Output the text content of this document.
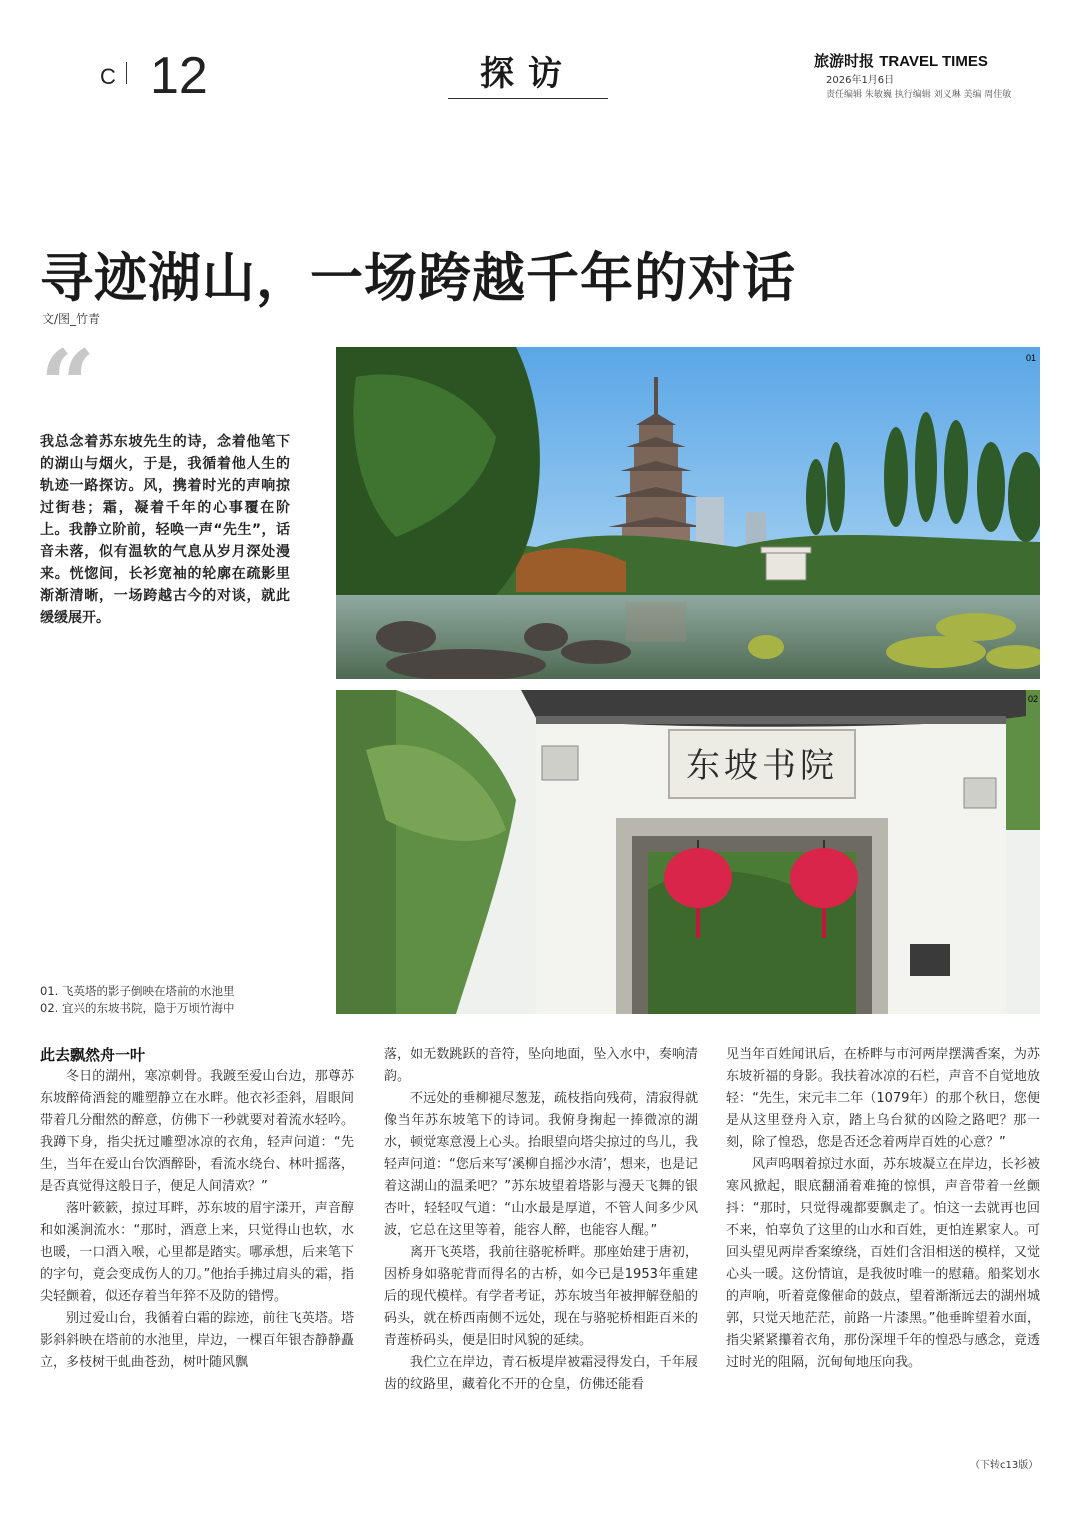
C 12	探访	旅游时报 TRAVEL TIMES
2026年1月6日
责任编辑 朱敏巍 执行编辑 刘义琳 美编 周佳敏
寻迹湖山，一场跨越千年的对话
文/图_竹青
“
我总念着苏东坡先生的诗，念着他笔下的湖山与烟火，于是，我循着他人生的轨迹一路探访。风，携着时光的声响掠过街巷；霜，凝着千年的心事覆在阶上。我静立阶前，轻唤一声“先生”，话音未落，似有温软的气息从岁月深处漫来。恍惚间，长衫宽袖的轮廓在疏影里渐渐清晰，一场跨越古今的对谈，就此缓缓展开。
01
东坡书院
02
01. 飞英塔的影子倒映在塔前的水池里
02. 宜兴的东坡书院，隐于万顷竹海中

此去飘然舟一叶

冬日的湖州，寒凉刺骨。我踱至爱山台边，那尊苏东坡醉倚酒瓮的雕塑静立在水畔。他衣衫歪斜，眉眼间带着几分酣然的醉意，仿佛下一秒就要对着流水轻吟。我蹲下身，指尖抚过雕塑冰凉的衣角，轻声问道：“先生，当年在爱山台饮酒醉卧，看流水绕台、林叶摇落，是否真觉得这般日子，便足人间清欢？”

落叶簌簌，掠过耳畔，苏东坡的眉宇漾开，声音醇和如溪涧流水：“那时，酒意上来，只觉得山也软，水也暖，一口酒入喉，心里都是踏实。哪承想，后来笔下的字句，竟会变成伤人的刀。”他抬手拂过肩头的霜，指尖轻颤着，似还存着当年猝不及防的错愕。

别过爱山台，我循着白霜的踪迹，前往飞英塔。塔影斜斜映在塔前的水池里，岸边，一棵百年银杏静静矗立，多枝树干虬曲苍劲，树叶随风飘

落，如无数跳跃的音符，坠向地面，坠入水中，奏响清韵。

不远处的垂柳褪尽葱茏，疏枝指向残荷，清寂得就像当年苏东坡笔下的诗词。我俯身掬起一捧微凉的湖水，顿觉寒意漫上心头。抬眼望向塔尖掠过的鸟儿，我轻声问道：“您后来写‘溪柳自摇沙水清’，想来，也是记着这湖山的温柔吧？”苏东坡望着塔影与漫天飞舞的银杏叶，轻轻叹气道：“山水最是厚道，不管人间多少风波，它总在这里等着，能容人醉，也能容人醒。”

离开飞英塔，我前往骆驼桥畔。那座始建于唐初，因桥身如骆驼背而得名的古桥，如今已是1953年重建后的现代模样。有学者考证，苏东坡当年被押解登船的码头，就在桥西南侧不远处，现在与骆驼桥相距百米的青莲桥码头，便是旧时风貌的延续。

我伫立在岸边，青石板堤岸被霜浸得发白，千年屐齿的纹路里，藏着化不开的仓皇，仿佛还能看

见当年百姓闻讯后，在桥畔与市河两岸摆满香案，为苏东坡祈福的身影。我扶着冰凉的石栏，声音不自觉地放轻：“先生，宋元丰二年（1079年）的那个秋日，您便是从这里登舟入京，踏上乌台狱的凶险之路吧？那一刻，除了惶恐，您是否还念着两岸百姓的心意？”

风声呜咽着掠过水面，苏东坡凝立在岸边，长衫被寒风掀起，眼底翻涌着难掩的惊惧，声音带着一丝颤抖：“那时，只觉得魂都要飘走了。怕这一去就再也回不来，怕辜负了这里的山水和百姓，更怕连累家人。可回头望见两岸香案缭绕，百姓们含泪相送的模样，又觉心头一暖。这份情谊，是我彼时唯一的慰藉。船桨划水的声响，听着竟像催命的鼓点，望着渐渐远去的湖州城郭，只觉天地茫茫，前路一片漆黑。”他垂眸望着水面，指尖紧紧攥着衣角，那份深埋千年的惶恐与感念，竟透过时光的阻隔，沉甸甸地压向我。

（下转c13版）
